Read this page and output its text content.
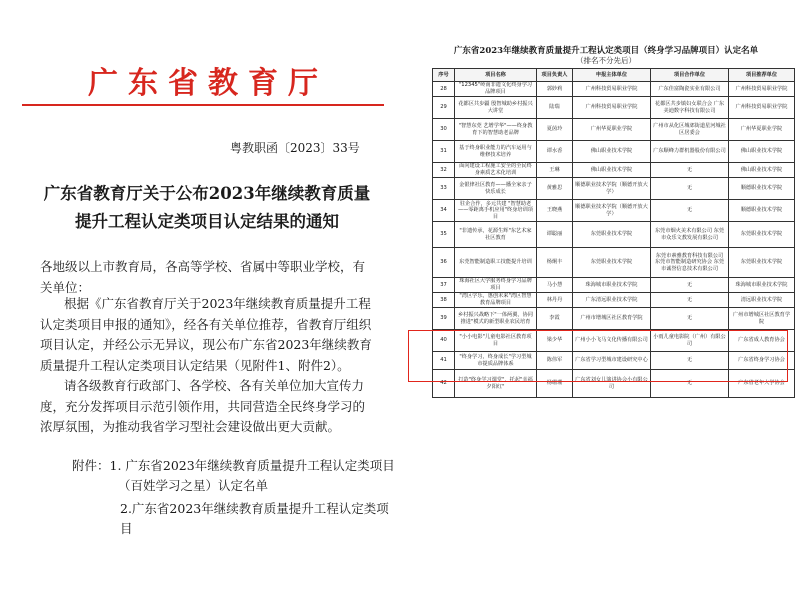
广东省教育厅
粤教职函〔2023〕33号
广东省教育厅关于公布2023年继续教育质量
提升工程认定类项目认定结果的通知
各地级以上市教育局，各高等学校、省属中等职业学校，有关单位：
根据《广东省教育厅关于2023年继续教育质量提升工程认定类项目申报的通知》，经各有关单位推荐，省教育厅组织项目认定，并经公示无异议，现公布广东省2023年继续教育质量提升工程认定类项目认定结果（见附件1、附件2）。
请各级教育行政部门、各学校、各有关单位加大宣传力度，充分发挥项目示范引领作用，共同营造全民终身学习的浓厚氛围，为推动我省学习型社会建设做出更大贡献。
附件：1. 广东省2023年继续教育质量提升工程认定类项目
（百姓学习之星）认定名单
2.广东省2023年继续教育质量提升工程认定类项目
广东省2023年继续教育质量提升工程认定类项目（终身学习品牌项目）认定名单
（排名不分先后）
序号	项目名称	项目负责人	申报主体单位	项目合作单位	项目推荐单位
28	"12345"岭南非遗文化终身学习品牌项目	郭妙莉	广州科技贸易职业学院	广东佳富陶瓷实业有限公司	广州科技贸易职业学院
29	花都区共步疆 殷智城助乡村振兴大讲堂	陆瑞	广州科技贸易职业学院	花都区共步镇妇女联合会 广东美迪数字科技有限公司	广州科技贸易职业学院
30	"智慧东莞 艺增学华"——终身教育下的智慧助老品牌	夏茵玲	广州华夏职业学院	广州市从化区城郊街道星河城社区居委会	广州华夏职业学院
31	基于终身职业能力的汽车运用与维修技术培养	谭水香	佛山职业技术学院	广东顺峰力群机器股份有限公司	佛山职业技术学院
32	面向建设工程施工安全的全民终身素质艺术化培训	王琳	佛山职业技术学院	无	佛山职业技术学院
33	金银律社区教育——播全家亲子快乐成长	黄雅思	顺德职业技术学院（顺德开放大学）	无	顺德职业技术学院
34	驻企合作，多元共建 "智慧助老——零距离手机应用"终身培训项目	王晓燕	顺德职业技术学院（顺德开放大学）	无	顺德职业技术学院
35	"非遗传承，花源生辉"东艺术家社区教育	谭聪丽	东莞职业技术学院	东莞市烟火美术有限公司 东莞市众乐文教发展有限公司	东莞职业技术学院
36	东莞智能制造职工技能提升培训	杨炯丰	东莞职业技术学院	东莞市素雅教育科技有限公司 东莞市智能制造研究协会 东莞市诚誉信息技术有限公司	东莞职业技术学院
37	珠海社区大学服务终身学习品牌项目	马小慧	珠海城市职业技术学院	无	珠海城市职业技术学院
38	"湾区学乐，惠创未来"湾区智慧教育品牌项目	林丹丹	广东清远职业技术学院	无	清远职业技术学院
39	乡村振兴战略下"一体两翼，协同推进"模式的新型职业农民培育	李霞	广州市增城区社区教育学院	无	广州市增城区社区教育学院
40	"小小电影"儿童电影社区教育项目	梁少华	广州小小飞马文化传播有限公司	小雨儿童电影院（广州）有限公司	广东省成人教育协会
41	"终身学习，终身成长"学习型城市提质品牌体系	陈伟军	广东省学习型城市建设研究中心	无	广东省终身学习协会
42	打造"终身学习课堂"，托起"幸福夕阳红"	杨珊珊	广东省刘女儿演讲协会小有限公司	无	广东省老年大学协会
